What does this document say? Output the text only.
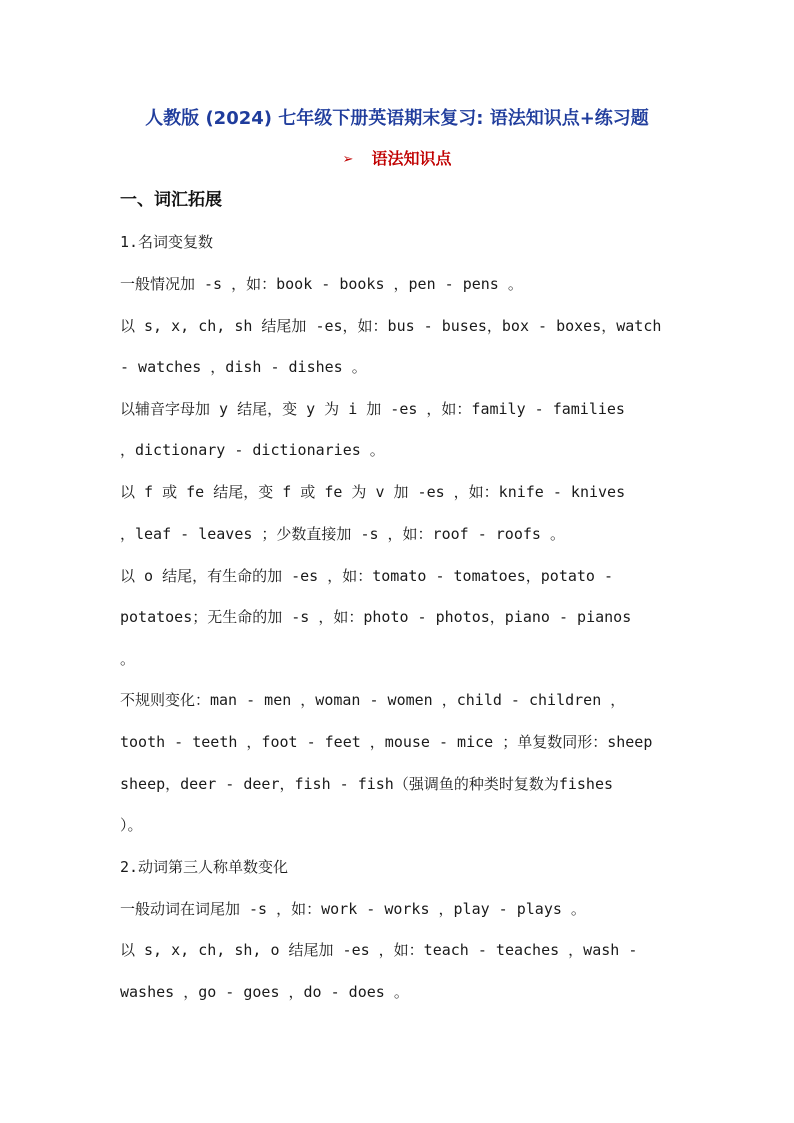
人教版 (2024) 七年级下册英语期末复习: 语法知识点+练习题
➢ 语法知识点
一、词汇拓展
1.名词变复数
一般情况加 -s ，如：book - books ，pen - pens 。
以 s, x, ch, sh 结尾加 -es，如：bus - buses，box - boxes，watch
- watches ，dish - dishes 。
以辅音字母加 y 结尾，变 y 为 i 加 -es ，如：family - families
，dictionary - dictionaries 。
以 f 或 fe 结尾，变 f 或 fe 为 v 加 -es ，如：knife - knives
，leaf - leaves ；少数直接加 -s ，如：roof - roofs 。
以 o 结尾，有生命的加 -es ，如：tomato - tomatoes，potato -
potatoes；无生命的加 -s ，如：photo - photos，piano - pianos
。
不规则变化：man - men ，woman - women ，child - children ，
tooth - teeth ，foot - feet ，mouse - mice ；单复数同形：sheep
sheep，deer - deer，fish - fish（强调鱼的种类时复数为fishes
）。
2.动词第三人称单数变化
一般动词在词尾加 -s ，如：work - works ，play - plays 。
以 s, x, ch, sh, o 结尾加 -es ，如：teach - teaches ，wash -
washes ，go - goes ，do - does 。
